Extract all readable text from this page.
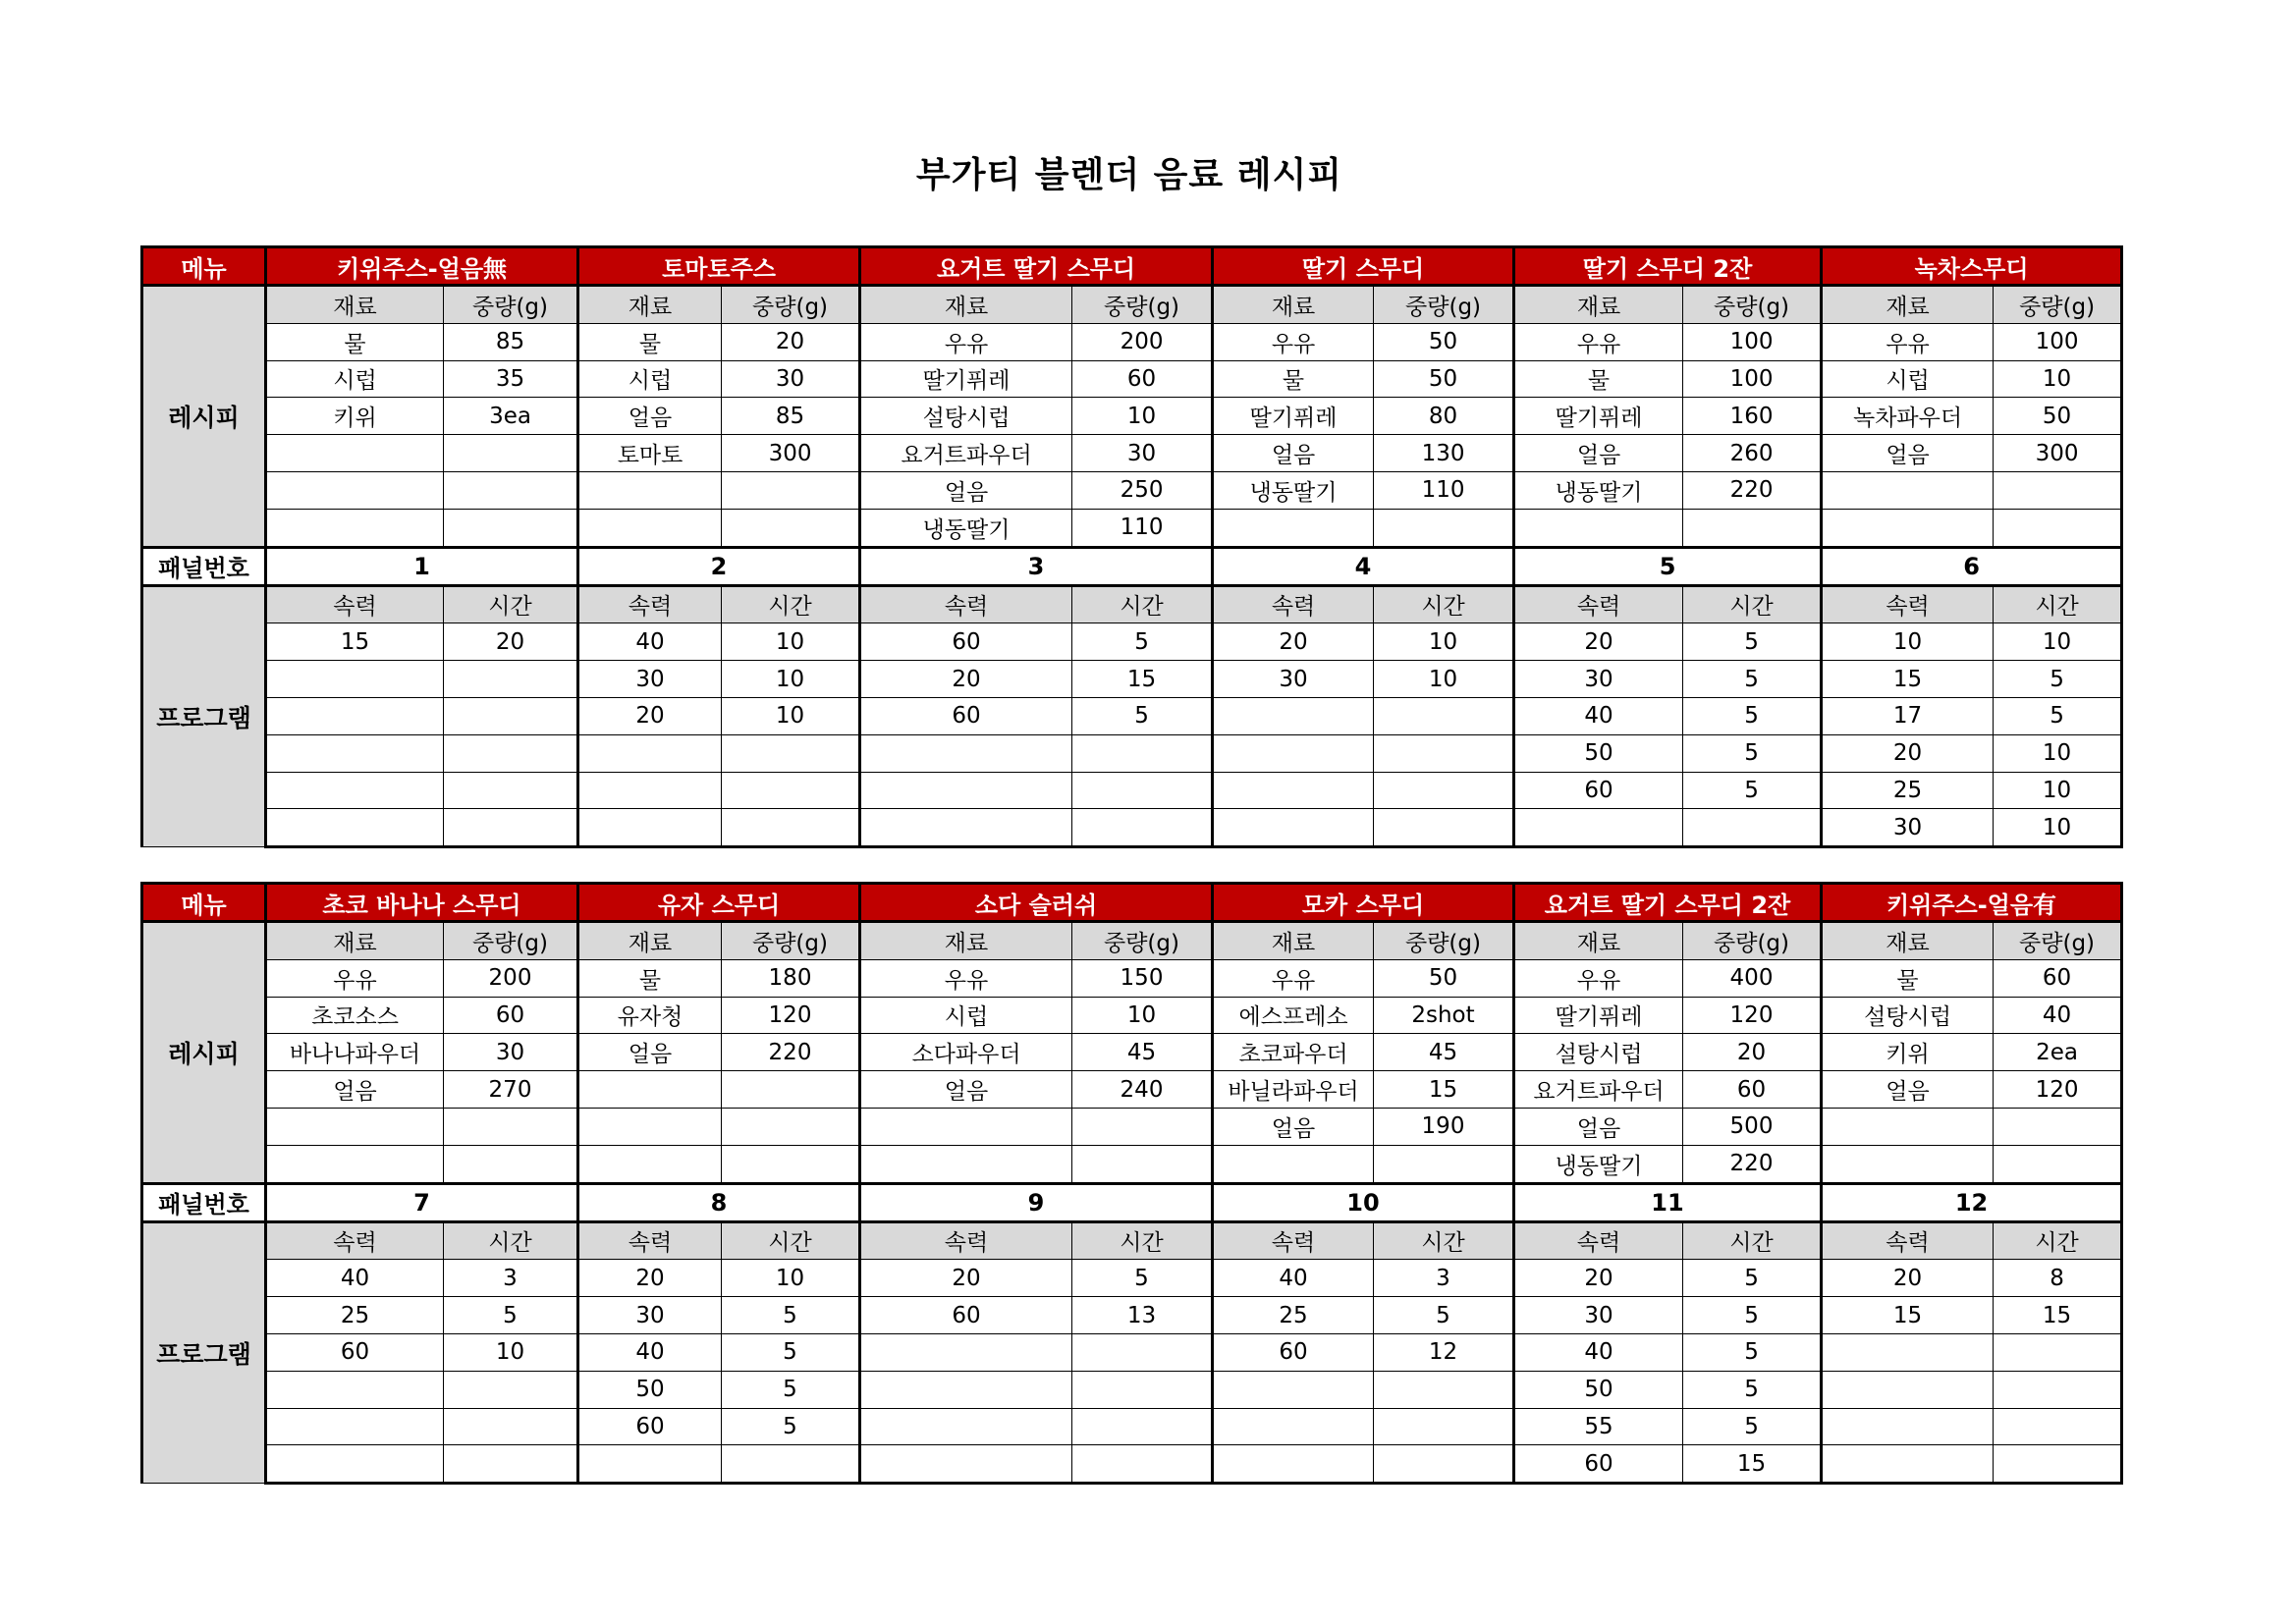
부가티 블렌더 음료 레시피
메뉴	키위주스-얼음無		토마토주스		요거트 딸기 스무디		딸기 스무디		딸기 스무디 2잔		녹차스무디	
레시피	재료	중량(g)	재료	중량(g)	재료	중량(g)	재료	중량(g)	재료	중량(g)	재료	중량(g)
	물	85	물	20	우유	200	우유	50	우유	100	우유	100
	시럽	35	시럽	30	딸기퓌레	60	물	50	물	100	시럽	10
	키위	3ea	얼음	85	설탕시럽	10	딸기퓌레	80	딸기퓌레	160	녹차파우더	50
			토마토	300	요거트파우더	30	얼음	130	얼음	260	얼음	300
					얼음	250	냉동딸기	110	냉동딸기	220		
					냉동딸기	110						
패널번호	1		2		3		4		5		6	
프로그램	속력	시간	속력	시간	속력	시간	속력	시간	속력	시간	속력	시간
	15	20	40	10	60	5	20	10	20	5	10	10
			30	10	20	15	30	10	30	5	15	5
			20	10	60	5			40	5	17	5
									50	5	20	10
									60	5	25	10
											30	10
메뉴	초코 바나나 스무디		유자 스무디		소다 슬러쉬		모카 스무디		요거트 딸기 스무디 2잔		키위주스-얼음有	
레시피	재료	중량(g)	재료	중량(g)	재료	중량(g)	재료	중량(g)	재료	중량(g)	재료	중량(g)
	우유	200	물	180	우유	150	우유	50	우유	400	물	60
	초코소스	60	유자청	120	시럽	10	에스프레소	2shot	딸기퓌레	120	설탕시럽	40
	바나나파우더	30	얼음	220	소다파우더	45	초코파우더	45	설탕시럽	20	키위	2ea
	얼음	270			얼음	240	바닐라파우더	15	요거트파우더	60	얼음	120
							얼음	190	얼음	500		
									냉동딸기	220		
패널번호	7		8		9		10		11		12	
프로그램	속력	시간	속력	시간	속력	시간	속력	시간	속력	시간	속력	시간
	40	3	20	10	20	5	40	3	20	5	20	8
	25	5	30	5	60	13	25	5	30	5	15	15
	60	10	40	5			60	12	40	5		
			50	5					50	5		
			60	5					55	5		
									60	15		
